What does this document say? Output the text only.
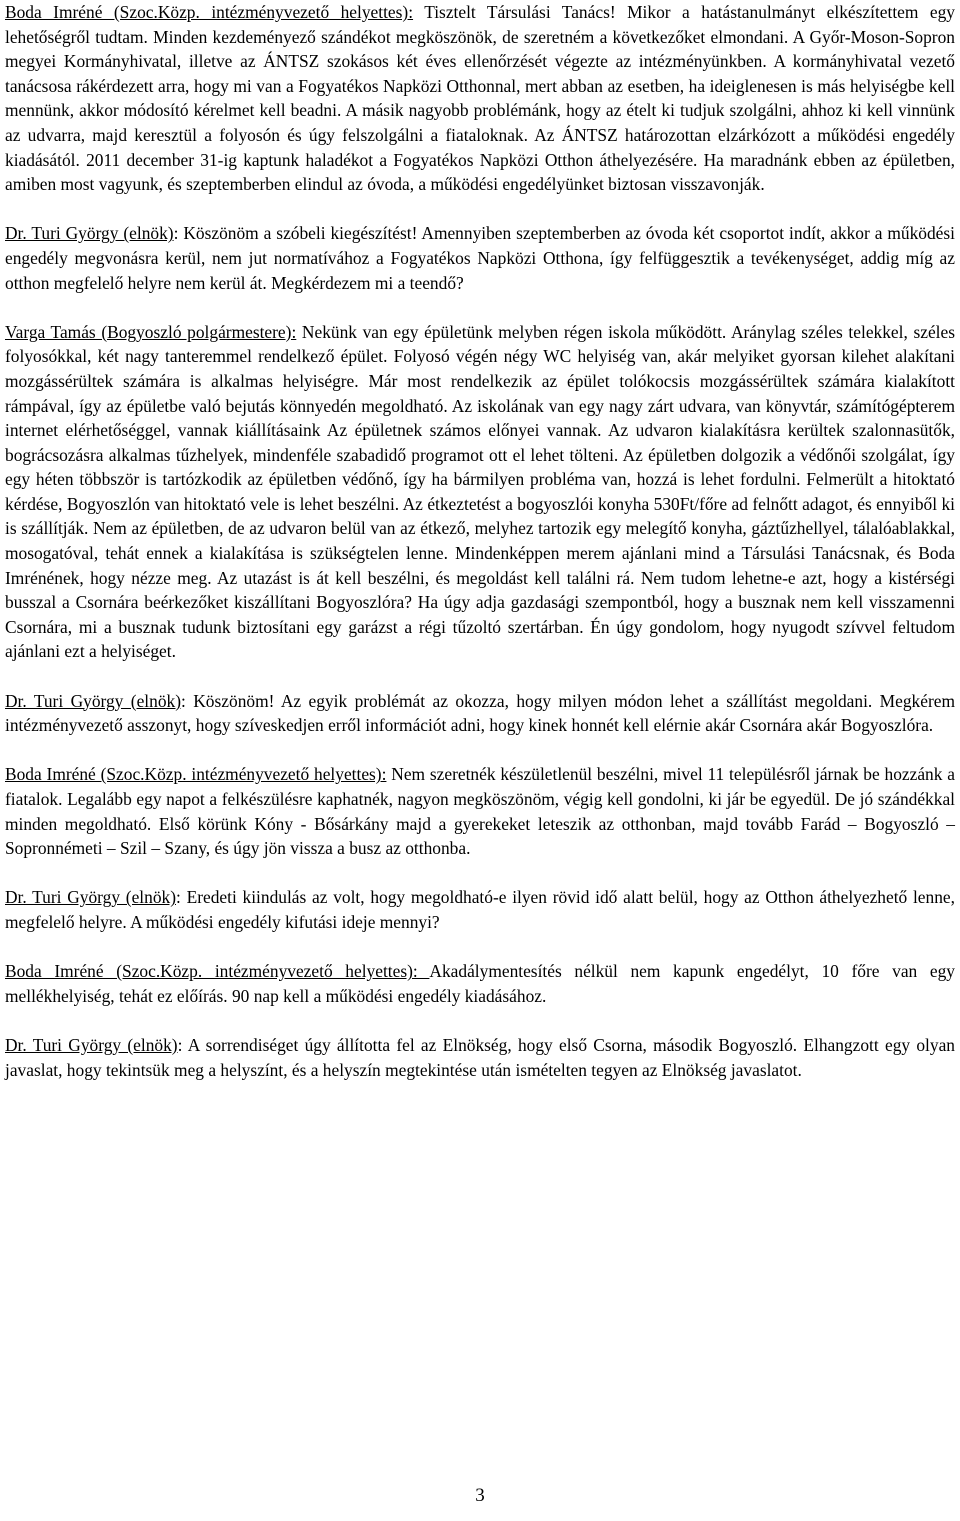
Boda Imréné (Szoc.Közp. intézményvezető helyettes): Tisztelt Társulási Tanács! Mikor a hatástanulmányt elkészítettem egy lehetőségről tudtam. Minden kezdeményező szándékot megköszönök, de szeretném a következőket elmondani. A Győr-Moson-Sopron megyei Kormányhivatal, illetve az ÁNTSZ szokásos két éves ellenőrzését végezte az intézményünkben. A kormányhivatal vezető tanácsosa rákérdezett arra, hogy mi van a Fogyatékos Napközi Otthonnal, mert abban az esetben, ha ideiglenesen is más helyiségbe kell mennünk, akkor módosító kérelmet kell beadni. A másik nagyobb problémánk, hogy az ételt ki tudjuk szolgálni, ahhoz ki kell vinnünk az udvarra, majd keresztül a folyosón és úgy felszolgálni a fiataloknak. Az ÁNTSZ határozottan elzárkózott a működési engedély kiadásától. 2011 december 31-ig kaptunk haladékot a Fogyatékos Napközi Otthon áthelyezésére. Ha maradnánk ebben az épületben, amiben most vagyunk, és szeptemberben elindul az óvoda, a működési engedélyünket biztosan visszavonják.

Dr. Turi György (elnök): Köszönöm a szóbeli kiegészítést! Amennyiben szeptemberben az óvoda két csoportot indít, akkor a működési engedély megvonásra kerül, nem jut normatívához a Fogyatékos Napközi Otthona, így felfüggesztik a tevékenységet, addig míg az otthon megfelelő helyre nem kerül át. Megkérdezem mi a teendő?

Varga Tamás (Bogyoszló polgármestere): Nekünk van egy épületünk melyben régen iskola működött. Aránylag széles telekkel, széles folyosókkal, két nagy tanteremmel rendelkező épület. Folyosó végén négy WC helyiség van, akár melyiket gyorsan kilehet alakítani mozgássérültek számára is alkalmas helyiségre. Már most rendelkezik az épület tolókocsis mozgássérültek számára kialakított rámpával, így az épületbe való bejutás könnyedén megoldható. Az iskolának van egy nagy zárt udvara, van könyvtár, számítógépterem internet elérhetőséggel, vannak kiállításaink Az épületnek számos előnyei vannak. Az udvaron kialakításra kerültek szalonnasütők, bográcsozásra alkalmas tűzhelyek, mindenféle szabadidő programot ott el lehet tölteni. Az épületben dolgozik a védőnői szolgálat, így egy héten többször is tartózkodik az épületben védőnő, így ha bármilyen probléma van, hozzá is lehet fordulni. Felmerült a hitoktató kérdése, Bogyoszlón van hitoktató vele is lehet beszélni. Az étkeztetést a bogyoszlói konyha 530Ft/főre ad felnőtt adagot, és ennyiből ki is szállítják. Nem az épületben, de az udvaron belül van az étkező, melyhez tartozik egy melegítő konyha, gáztűzhellyel, tálalóablakkal, mosogatóval, tehát ennek a kialakítása is szükségtelen lenne. Mindenképpen merem ajánlani mind a Társulási Tanácsnak, és Boda Imrénének, hogy nézze meg. Az utazást is át kell beszélni, és megoldást kell találni rá. Nem tudom lehetne-e azt, hogy a kistérségi busszal a Csornára beérkezőket kiszállítani Bogyoszlóra? Ha úgy adja gazdasági szempontból, hogy a busznak nem kell visszamenni Csornára, mi a busznak tudunk biztosítani egy garázst a régi tűzoltó szertárban. Én úgy gondolom, hogy nyugodt szívvel feltudom ajánlani ezt a helyiséget.

Dr. Turi György (elnök): Köszönöm! Az egyik problémát az okozza, hogy milyen módon lehet a szállítást megoldani. Megkérem intézményvezető asszonyt, hogy szíveskedjen erről információt adni, hogy kinek honnét kell elérnie akár Csornára akár Bogyoszlóra.

Boda Imréné (Szoc.Közp. intézményvezető helyettes): Nem szeretnék készületlenül beszélni, mivel 11 településről járnak be hozzánk a fiatalok. Legalább egy napot a felkészülésre kaphatnék, nagyon megköszönöm, végig kell gondolni, ki jár be egyedül. De jó szándékkal minden megoldható. Első körünk Kóny - Bősárkány majd a gyerekeket leteszik az otthonban, majd tovább Farád – Bogyoszló – Sopronnémeti – Szil – Szany, és úgy jön vissza a busz az otthonba.

Dr. Turi György (elnök): Eredeti kiindulás az volt, hogy megoldható-e ilyen rövid idő alatt belül, hogy az Otthon áthelyezhető lenne, megfelelő helyre. A működési engedély kifutási ideje mennyi?

Boda Imréné (Szoc.Közp. intézményvezető helyettes): Akadálymentesítés nélkül nem kapunk engedélyt, 10 főre van egy mellékhelyiség, tehát ez előírás. 90 nap kell a működési engedély kiadásához.

Dr. Turi György (elnök): A sorrendiséget úgy állította fel az Elnökség, hogy első Csorna, második Bogyoszló. Elhangzott egy olyan javaslat, hogy tekintsük meg a helyszínt, és a helyszín megtekintése után ismételten tegyen az Elnökség javaslatot.

3
